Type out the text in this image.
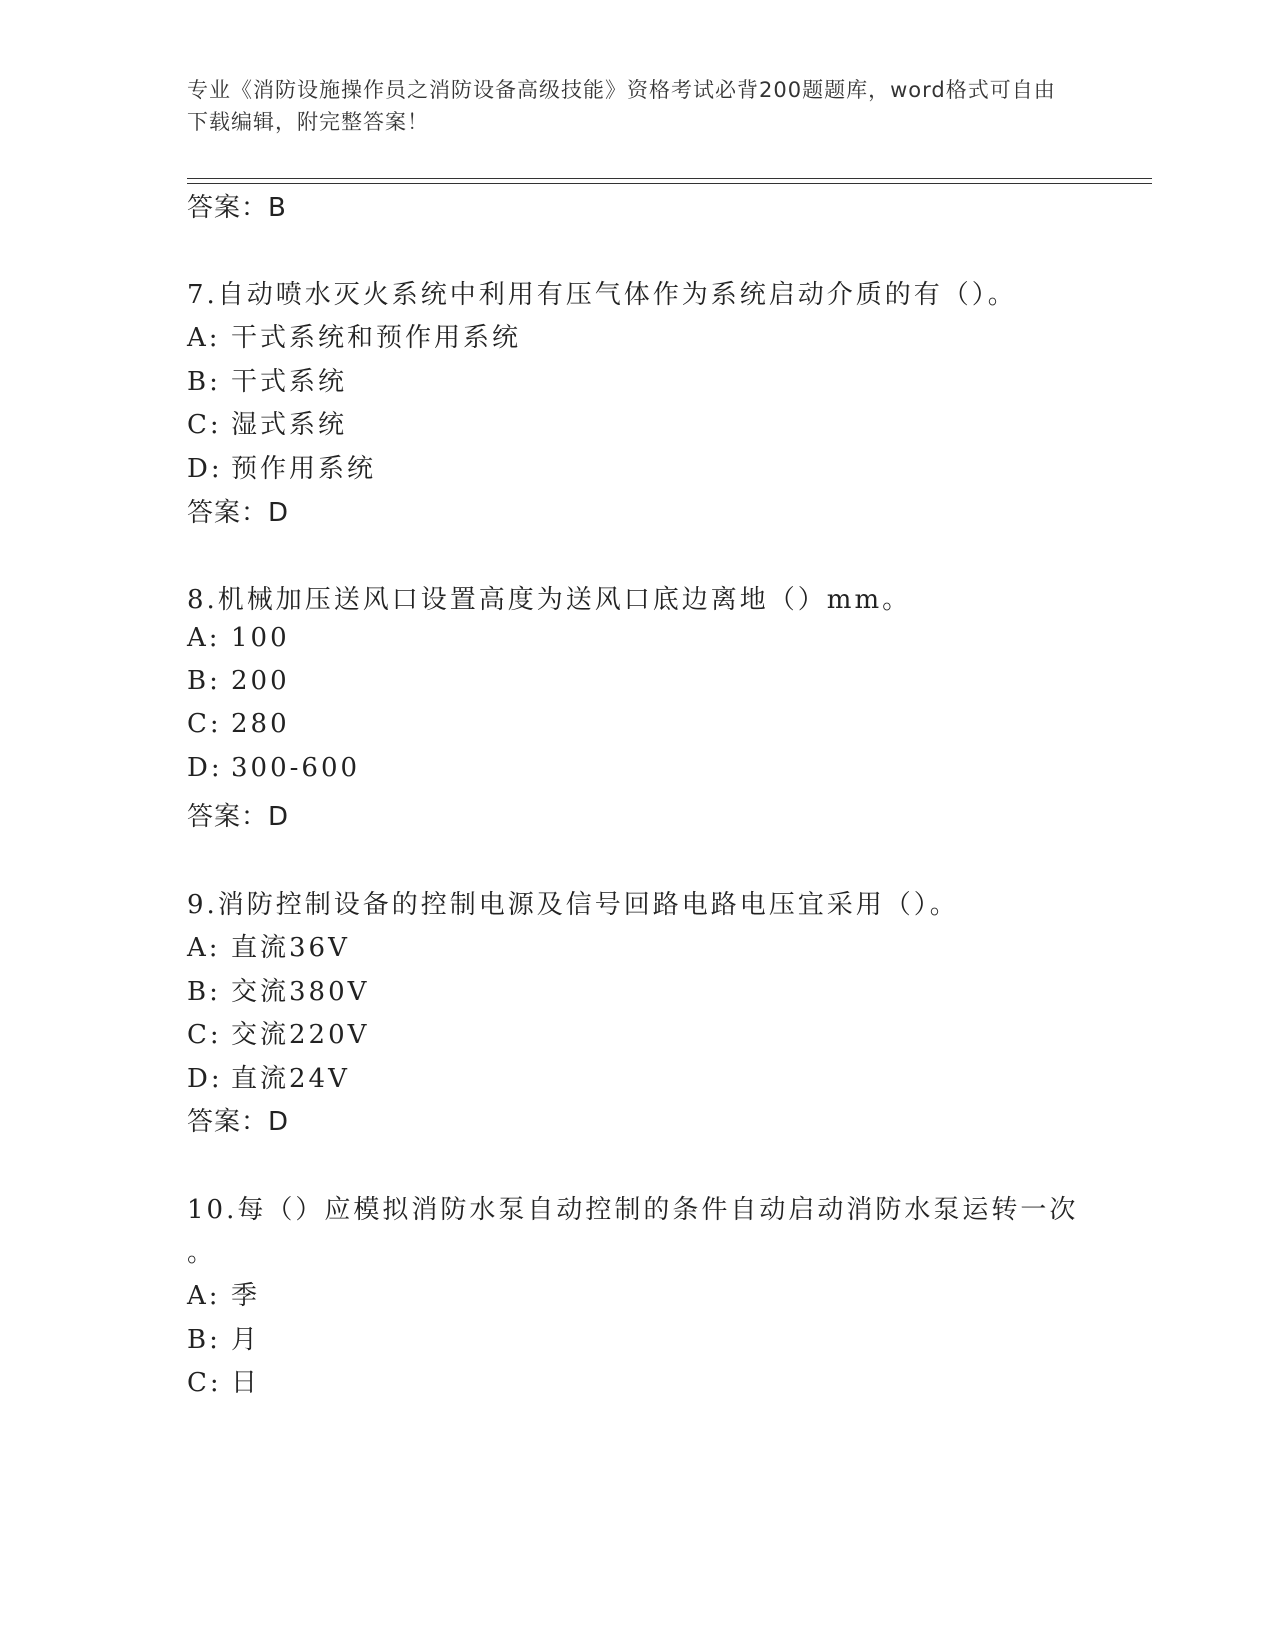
专业《消防设施操作员之消防设备高级技能》资格考试必背200题题库，word格式可自由下载编辑，附完整答案！
答案：B
7.自动喷水灭火系统中利用有压气体作为系统启动介质的有（）。
A: 干式系统和预作用系统
B: 干式系统
C: 湿式系统
D: 预作用系统
答案：D
8.机械加压送风口设置高度为送风口底边离地（）mm。
A: 100
B: 200
C: 280
D: 300-600
答案：D
9.消防控制设备的控制电源及信号回路电路电压宜采用（）。
A: 直流36V
B: 交流380V
C: 交流220V
D: 直流24V
答案：D
10.每（）应模拟消防水泵自动控制的条件自动启动消防水泵运转一次
。
A: 季
B: 月
C: 日
